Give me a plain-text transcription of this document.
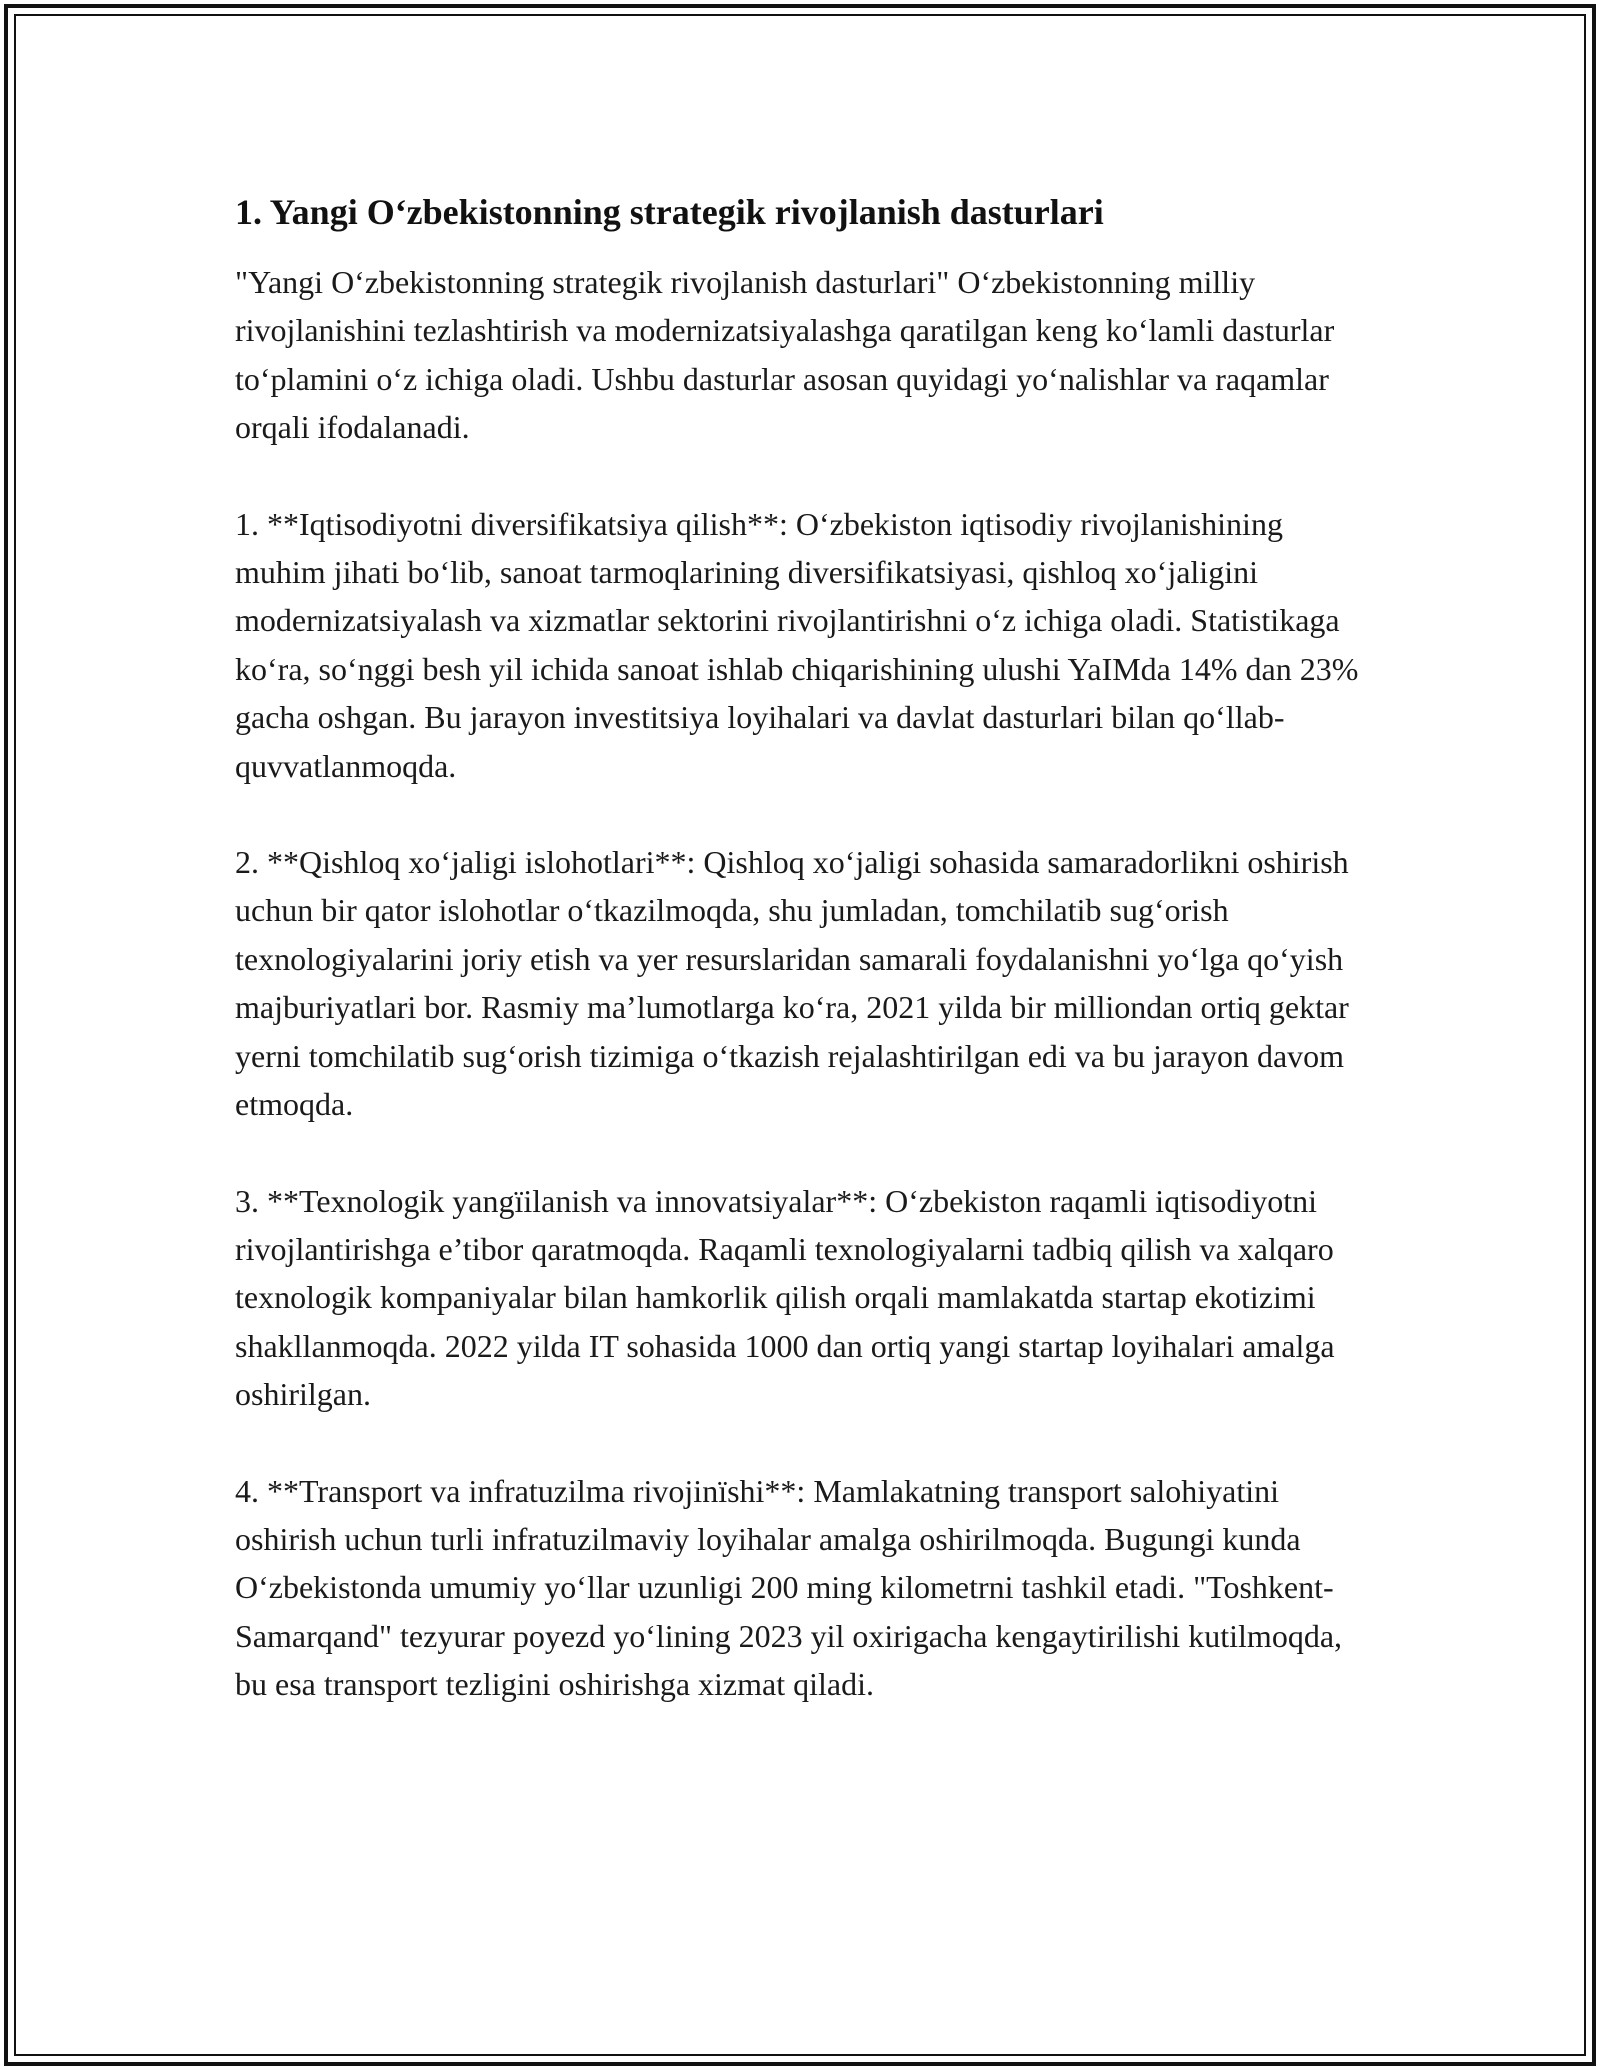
1. Yangi O‘zbekistonning strategik rivojlanish dasturlari

"Yangi O‘zbekistonning strategik rivojlanish dasturlari" O‘zbekistonning milliy rivojlanishini tezlashtirish va modernizatsiyalashga qaratilgan keng ko‘lamli dasturlar to‘plamini o‘z ichiga oladi. Ushbu dasturlar asosan quyidagi yo‘nalishlar va raqamlar orqali ifodalanadi.

1. **Iqtisodiyotni diversifikatsiya qilish**: O‘zbekiston iqtisodiy rivojlanishining muhim jihati bo‘lib, sanoat tarmoqlarining diversifikatsiyasi, qishloq xo‘jaligini modernizatsiyalash va xizmatlar sektorini rivojlantirishni o‘z ichiga oladi. Statistikaga ko‘ra, so‘nggi besh yil ichida sanoat ishlab chiqarishining ulushi YaIMda 14% dan 23% gacha oshgan. Bu jarayon investitsiya loyihalari va davlat dasturlari bilan qo‘llab-quvvatlanmoqda.

2. **Qishloq xo‘jaligi islohotlari**: Qishloq xo‘jaligi sohasida samaradorlikni oshirish uchun bir qator islohotlar o‘tkazilmoqda, shu jumladan, tomchilatib sug‘orish texnologiyalarini joriy etish va yer resurslaridan samarali foydalanishni yo‘lga qo‘yish majburiyatlari bor. Rasmiy ma’lumotlarga ko‘ra, 2021 yilda bir milliondan ortiq gektar yerni tomchilatib sug‘orish tizimiga o‘tkazish rejalashtirilgan edi va bu jarayon davom etmoqda.

3. **Texnologik yangïilanish va innovatsiyalar**: O‘zbekiston raqamli iqtisodiyotni rivojlantirishga e’tibor qaratmoqda. Raqamli texnologiyalarni tadbiq qilish va xalqaro texnologik kompaniyalar bilan hamkorlik qilish orqali mamlakatda startap ekotizimi shakllanmoqda. 2022 yilda IT sohasida 1000 dan ortiq yangi startap loyihalari amalga oshirilgan.

4. **Transport va infratuzilma rivojinïshi**: Mamlakatning transport salohiyatini oshirish uchun turli infratuzilmaviy loyihalar amalga oshirilmoqda. Bugungi kunda O‘zbekistonda umumiy yo‘llar uzunligi 200 ming kilometrni tashkil etadi. "Toshkent-Samarqand" tezyurar poyezd yo‘lining 2023 yil oxirigacha kengaytirilishi kutilmoqda, bu esa transport tezligini oshirishga xizmat qiladi.
